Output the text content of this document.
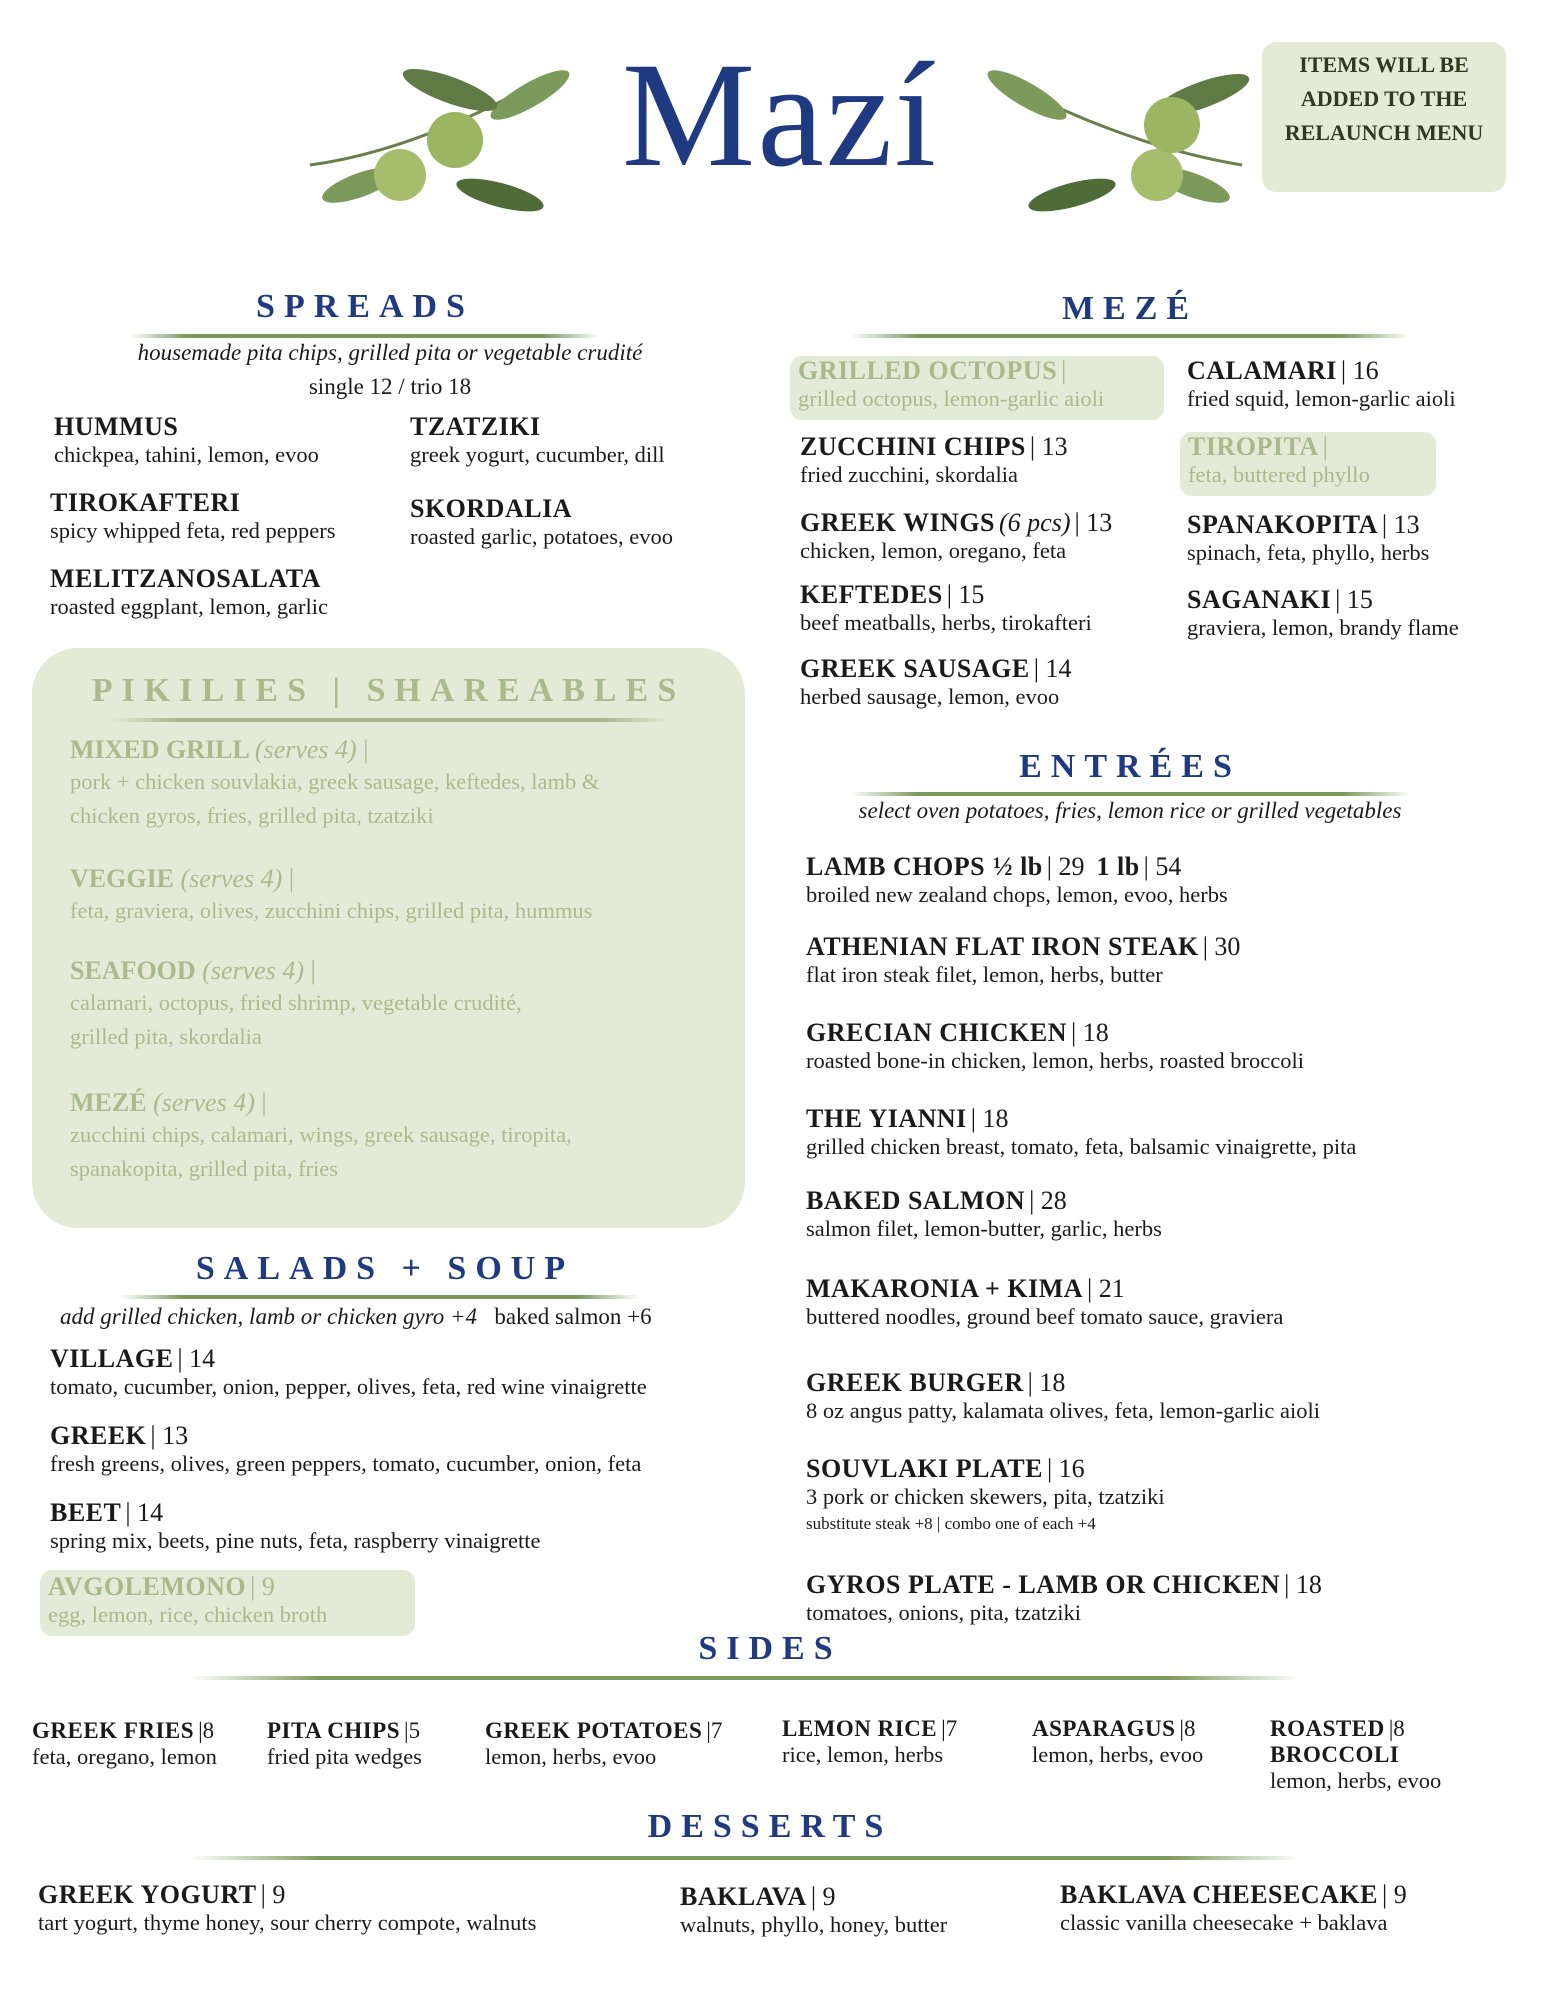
Mazí	ITEMS WILL BE ADDED TO THE RELAUNCH MENU
SPREADS
housemade pita chips, grilled pita or vegetable crudité
single 12 / trio 18
HUMMUS
chickpea, tahini, lemon, evoo
TZATZIKI
greek yogurt, cucumber, dill
TIROKAFTERI
spicy whipped feta, red peppers
SKORDALIA
roasted garlic, potatoes, evoo
MELITZANOSALATA
roasted eggplant, lemon, garlic
PIKILIES | SHAREABLES
MIXED GRILL (serves 4) |
pork + chicken souvlakia, greek sausage, keftedes, lamb &
chicken gyros, fries, grilled pita, tzatziki
VEGGIE (serves 4) |
feta, graviera, olives, zucchini chips, grilled pita, hummus
SEAFOOD (serves 4) |
calamari, octopus, fried shrimp, vegetable crudité,
grilled pita, skordalia
MEZÉ (serves 4) |
zucchini chips, calamari, wings, greek sausage, tiropita,
spanakopita, grilled pita, fries
SALADS + SOUP
add grilled chicken, lamb or chicken gyro +4 baked salmon +6
VILLAGE | 14
tomato, cucumber, onion, pepper, olives, feta, red wine vinaigrette
GREEK | 13
fresh greens, olives, green peppers, tomato, cucumber, onion, feta
BEET | 14
spring mix, beets, pine nuts, feta, raspberry vinaigrette
AVGOLEMONO | 9
egg, lemon, rice, chicken broth
MEZÉ
GRILLED OCTOPUS |
grilled octopus, lemon-garlic aioli
CALAMARI | 16
fried squid, lemon-garlic aioli
ZUCCHINI CHIPS | 13
fried zucchini, skordalia
TIROPITA |
feta, buttered phyllo
GREEK WINGS (6 pcs) | 13
chicken, lemon, oregano, feta
SPANAKOPITA | 13
spinach, feta, phyllo, herbs
KEFTEDES | 15
beef meatballs, herbs, tirokafteri
SAGANAKI | 15
graviera, lemon, brandy flame
GREEK SAUSAGE | 14
herbed sausage, lemon, evoo
ENTRÉES
select oven potatoes, fries, lemon rice or grilled vegetables
LAMB CHOPS ½ lb | 29 1 lb | 54
broiled new zealand chops, lemon, evoo, herbs
ATHENIAN FLAT IRON STEAK | 30
flat iron steak filet, lemon, herbs, butter
GRECIAN CHICKEN | 18
roasted bone-in chicken, lemon, herbs, roasted broccoli
THE YIANNI | 18
grilled chicken breast, tomato, feta, balsamic vinaigrette, pita
BAKED SALMON | 28
salmon filet, lemon-butter, garlic, herbs
MAKARONIA + KIMA | 21
buttered noodles, ground beef tomato sauce, graviera
GREEK BURGER | 18
8 oz angus patty, kalamata olives, feta, lemon-garlic aioli
SOUVLAKI PLATE | 16
3 pork or chicken skewers, pita, tzatziki
substitute steak +8 | combo one of each +4
GYROS PLATE - LAMB OR CHICKEN | 18
tomatoes, onions, pita, tzatziki
SIDES
GREEK FRIES |8
feta, oregano, lemon
PITA CHIPS |5
fried pita wedges
GREEK POTATOES |7
lemon, herbs, evoo
LEMON RICE |7
rice, lemon, herbs
ASPARAGUS |8
lemon, herbs, evoo
ROASTED |8
BROCCOLI
lemon, herbs, evoo
DESSERTS
GREEK YOGURT | 9
tart yogurt, thyme honey, sour cherry compote, walnuts
BAKLAVA | 9
walnuts, phyllo, honey, butter
BAKLAVA CHEESECAKE | 9
classic vanilla cheesecake + baklava
